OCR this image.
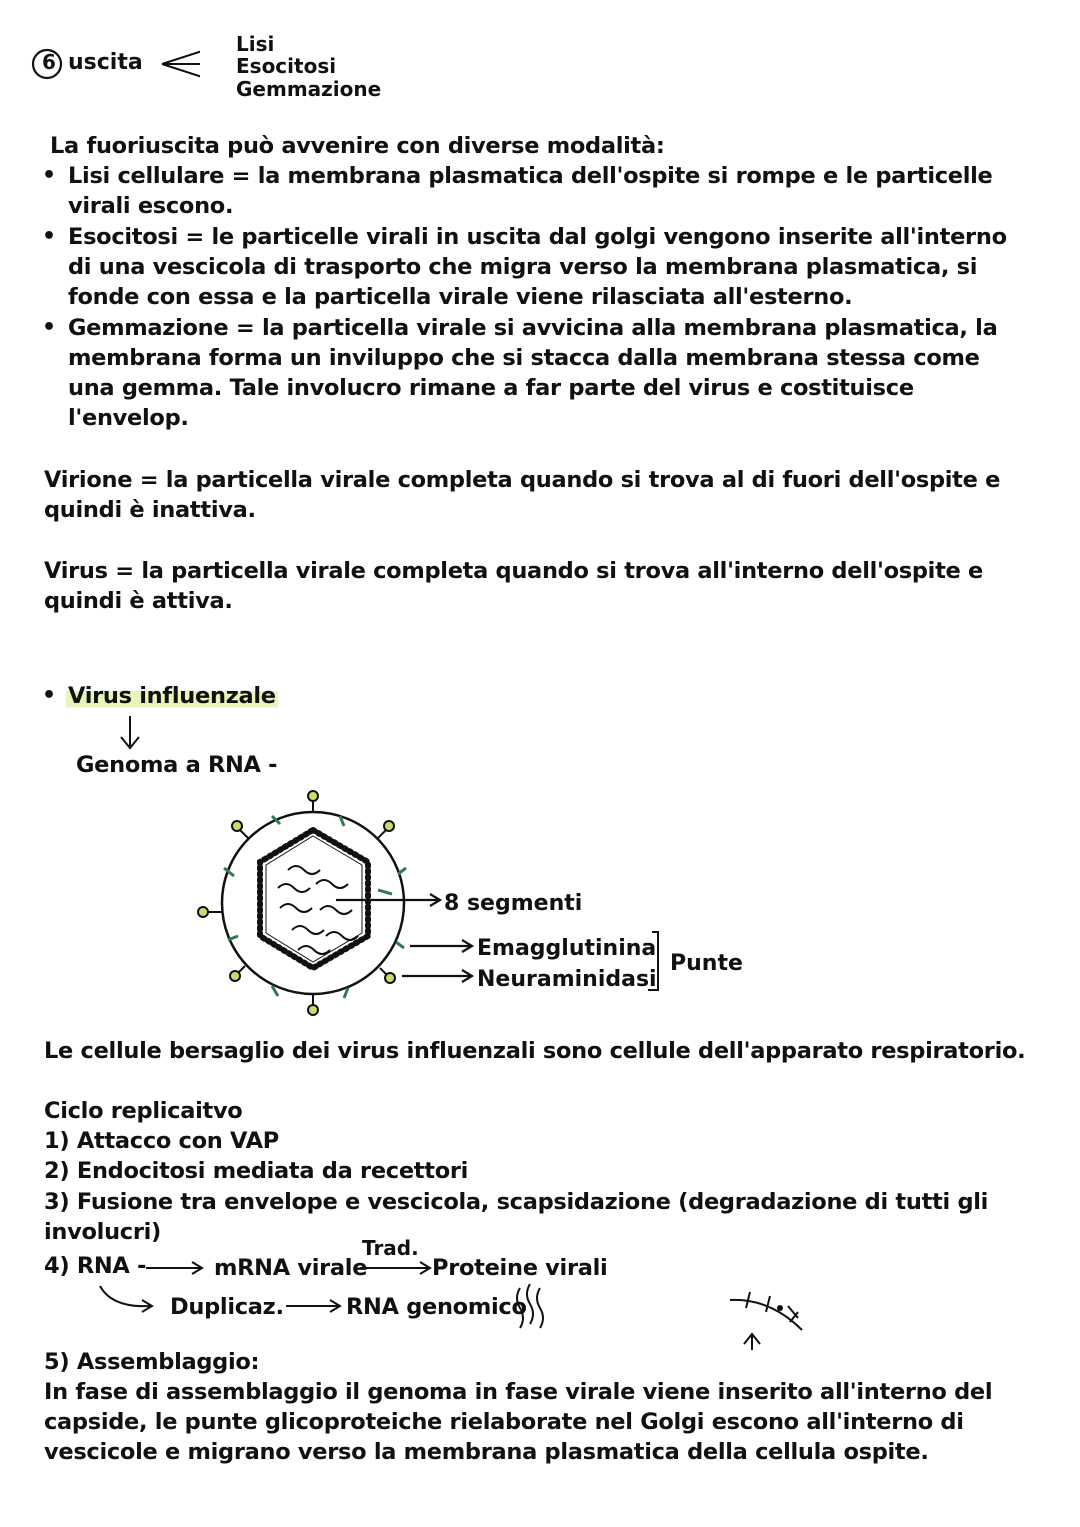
6 uscita
Lisi
Esocitosi
Gemmazione
La fuoriuscita può avvenire con diverse modalità:
• Lisi cellulare = la membrana plasmatica dell'ospite si rompe e le particelle
virali escono.
• Esocitosi = le particelle virali in uscita dal golgi vengono inserite all'interno
di una vescicola di trasporto che migra verso la membrana plasmatica, si
fonde con essa e la particella virale viene rilasciata all'esterno.
• Gemmazione = la particella virale si avvicina alla membrana plasmatica, la
membrana forma un inviluppo che si stacca dalla membrana stessa come
una gemma. Tale involucro rimane a far parte del virus e costituisce
l'envelop.
Virione = la particella virale completa quando si trova al di fuori dell'ospite e
quindi è inattiva.
Virus = la particella virale completa quando si trova all'interno dell'ospite e
quindi è attiva.
• Virus influenzale
Genoma a RNA -
8 segmenti
Emagglutinina
Neuraminidasi
Punte
Le cellule bersaglio dei virus influenzali sono cellule dell'apparato respiratorio.
Ciclo replicaitvo
1) Attacco con VAP
2) Endocitosi mediata da recettori
3) Fusione tra envelope e vescicola, scapsidazione (degradazione di tutti gli
involucri)
4) RNA -	mRNA virale
Trad.
Proteine virali
Duplicaz.	RNA genomico
5) Assemblaggio:
In fase di assemblaggio il genoma in fase virale viene inserito all'interno del
capside, le punte glicoproteiche rielaborate nel Golgi escono all'interno di
vescicole e migrano verso la membrana plasmatica della cellula ospite.
